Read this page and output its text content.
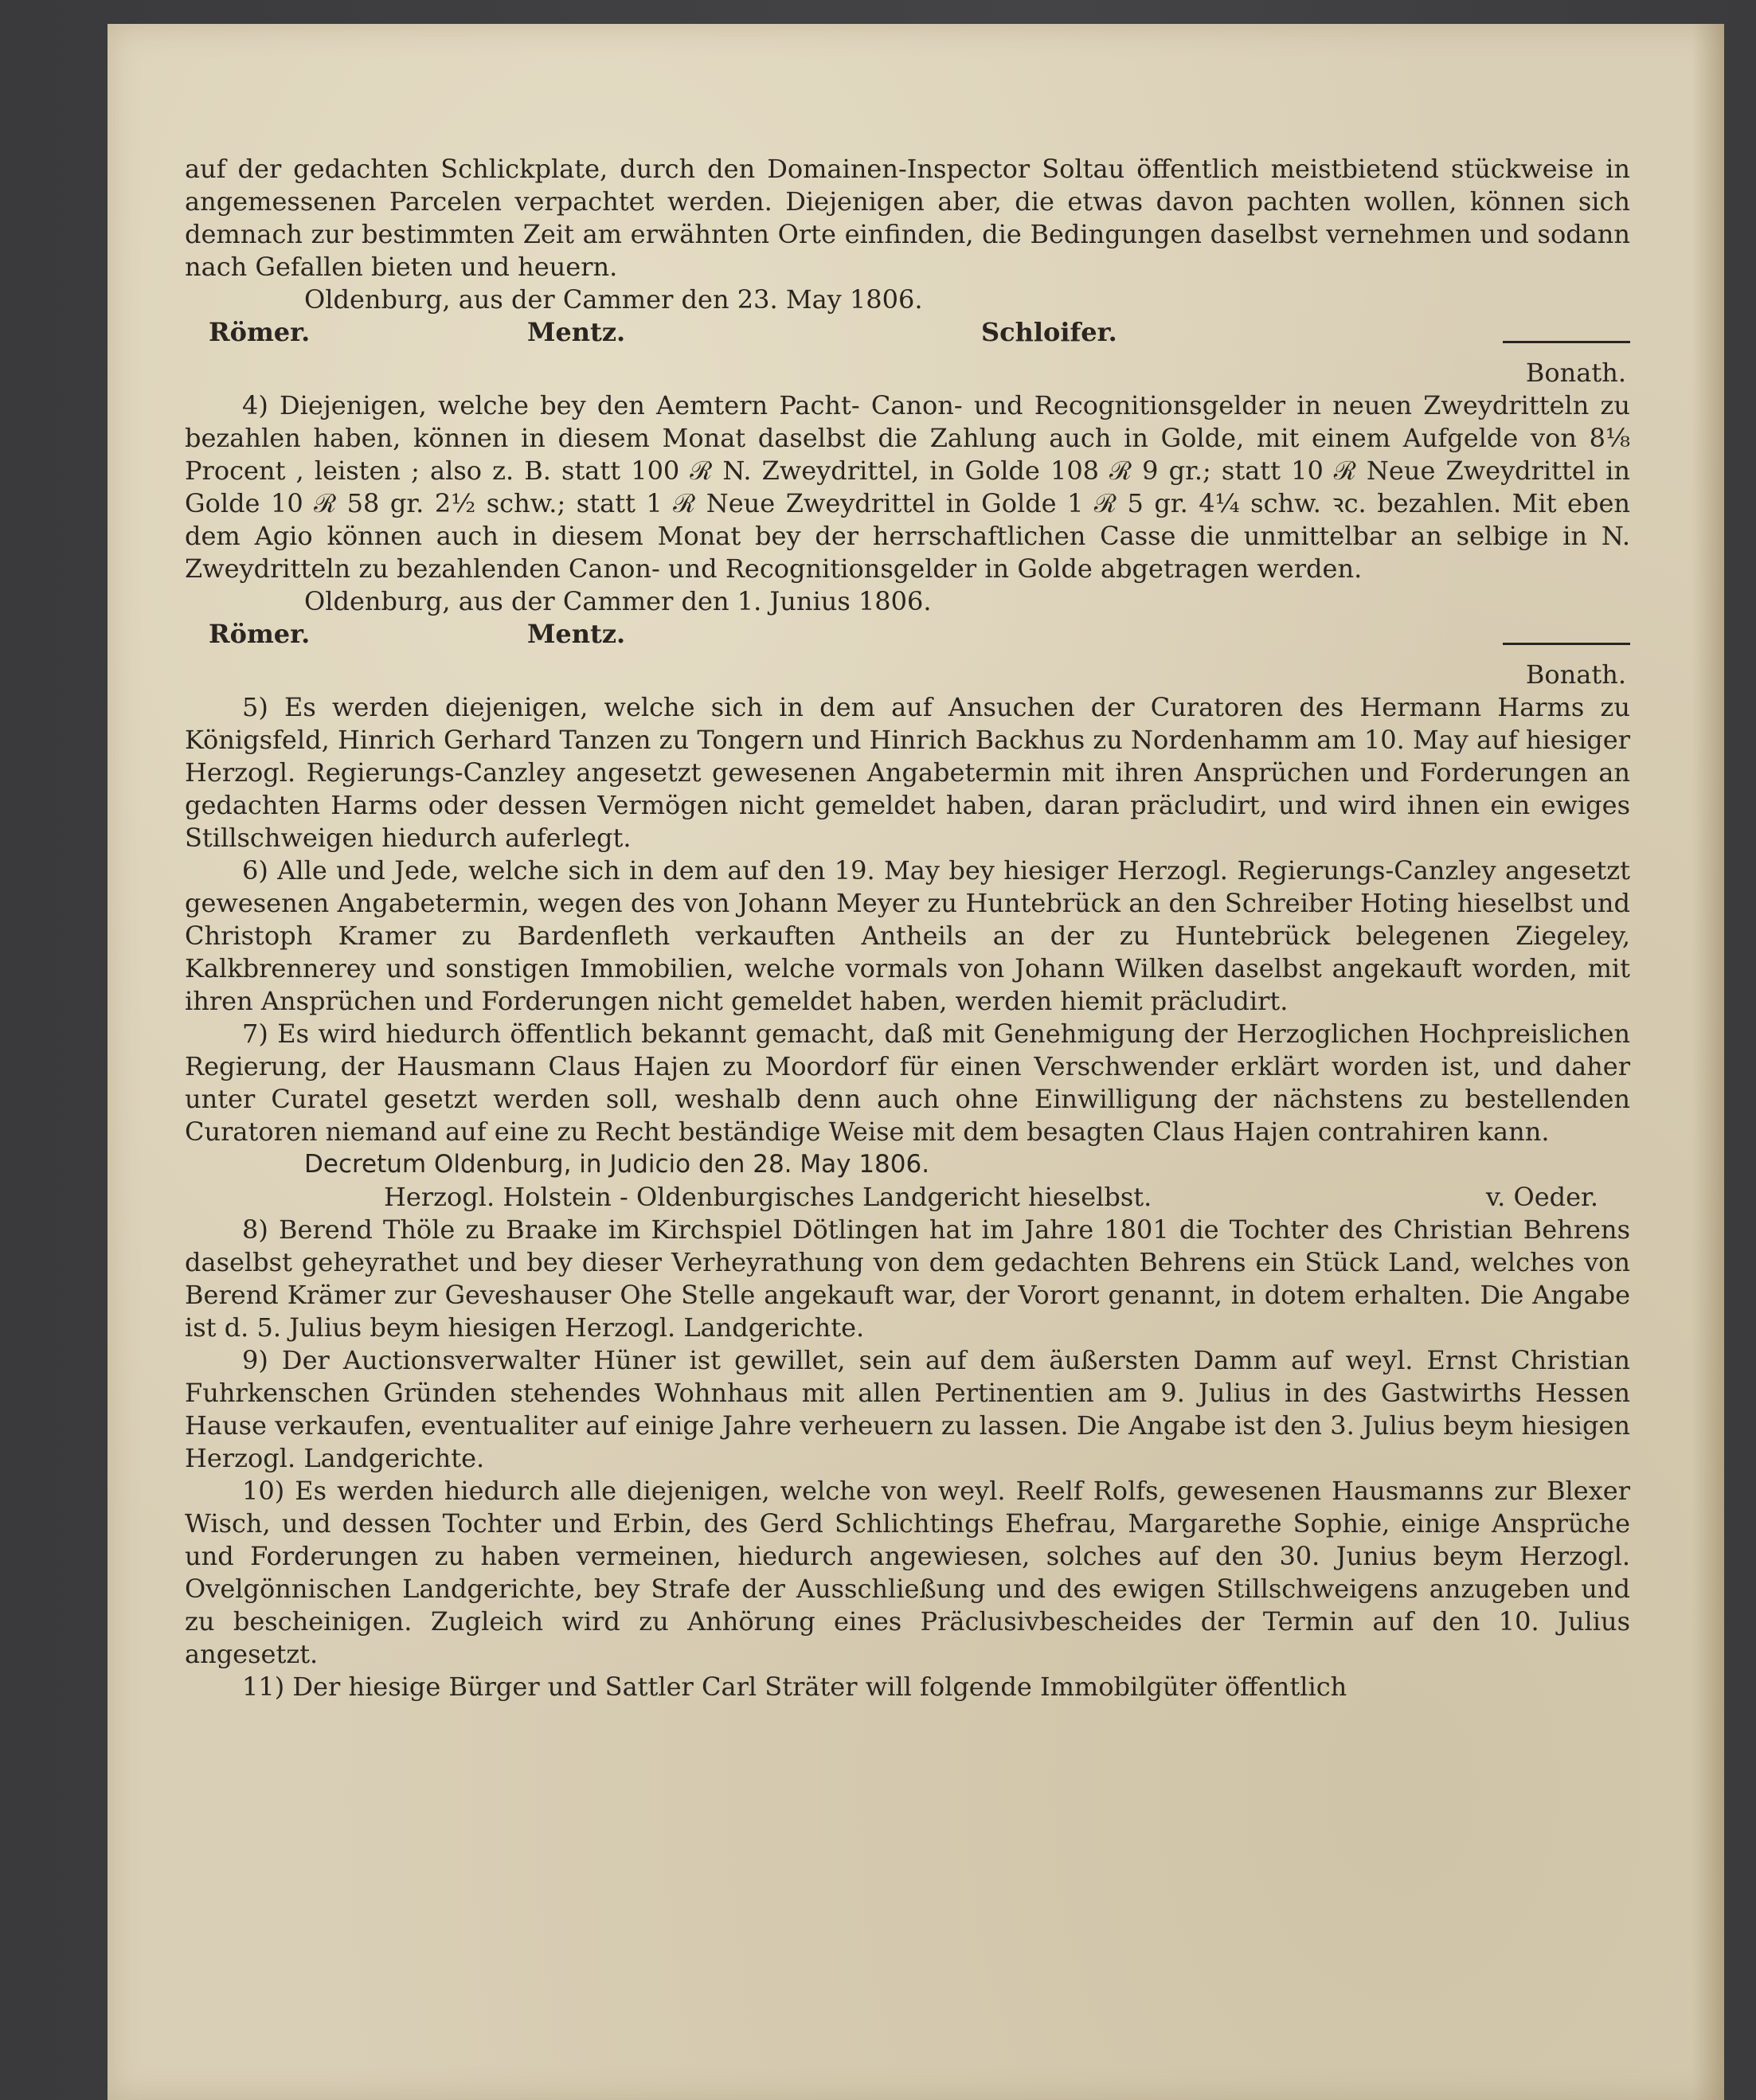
auf der gedachten Schlickplate, durch den Domainen-Inspector Soltau öffentlich meistbietend stückweise in angemessenen Parcelen verpachtet werden. Diejenigen aber, die etwas davon pachten wollen, können sich demnach zur bestimmten Zeit am erwähnten Orte einfinden, die Bedingungen daselbst vernehmen und sodann nach Gefallen bieten und heuern.

Oldenburg, aus der Cammer den 23. May 1806.

Römer.	Mentz.	Schloifer.

Bonath.

4) Diejenigen, welche bey den Aemtern Pacht- Canon- und Recognitionsgelder in neuen Zweydritteln zu bezahlen haben, können in diesem Monat daselbst die Zahlung auch in Golde, mit einem Aufgelde von 8⅛ Procent , leisten ; also z. B. statt 100 ℛ N. Zweydrittel, in Golde 108 ℛ 9 gr.; statt 10 ℛ Neue Zweydrittel in Golde 10 ℛ 58 gr. 2½ schw.; statt 1 ℛ Neue Zweydrittel in Golde 1 ℛ 5 gr. 4¼ schw. ꝛc. bezahlen. Mit eben dem Agio können auch in diesem Monat bey der herrschaftlichen Casse die unmittelbar an selbige in N. Zweydritteln zu bezahlenden Canon- und Recognitionsgelder in Golde abgetragen werden.

Oldenburg, aus der Cammer den 1. Junius 1806.

Römer.	Mentz.

Bonath.

5) Es werden diejenigen, welche sich in dem auf Ansuchen der Curatoren des Hermann Harms zu Königsfeld, Hinrich Gerhard Tanzen zu Tongern und Hinrich Backhus zu Nordenhamm am 10. May auf hiesiger Herzogl. Regierungs-Canzley angesetzt gewesenen Angabetermin mit ihren Ansprüchen und Forderungen an gedachten Harms oder dessen Vermögen nicht gemeldet haben, daran präcludirt, und wird ihnen ein ewiges Stillschweigen hiedurch auferlegt.

6) Alle und Jede, welche sich in dem auf den 19. May bey hiesiger Herzogl. Regierungs-Canzley angesetzt gewesenen Angabetermin, wegen des von Johann Meyer zu Huntebrück an den Schreiber Hoting hieselbst und Christoph Kramer zu Bardenfleth verkauften Antheils an der zu Huntebrück belegenen Ziegeley, Kalkbrennerey und sonstigen Immobilien, welche vormals von Johann Wilken daselbst angekauft worden, mit ihren Ansprüchen und Forderungen nicht gemeldet haben, werden hiemit präcludirt.

7) Es wird hiedurch öffentlich bekannt gemacht, daß mit Genehmigung der Herzoglichen Hochpreislichen Regierung, der Hausmann Claus Hajen zu Moordorf für einen Verschwender erklärt worden ist, und daher unter Curatel gesetzt werden soll, weshalb denn auch ohne Einwilligung der nächstens zu bestellenden Curatoren niemand auf eine zu Recht beständige Weise mit dem besagten Claus Hajen contrahiren kann.

Decretum Oldenburg, in Judicio den 28. May 1806.

Herzogl. Holstein - Oldenburgisches Landgericht hieselbst.	v. Oeder.

8) Berend Thöle zu Braake im Kirchspiel Dötlingen hat im Jahre 1801 die Tochter des Christian Behrens daselbst geheyrathet und bey dieser Verheyrathung von dem gedachten Behrens ein Stück Land, welches von Berend Krämer zur Geveshauser Ohe Stelle angekauft war, der Vorort genannt, in dotem erhalten. Die Angabe ist d. 5. Julius beym hiesigen Herzogl. Landgerichte.

9) Der Auctionsverwalter Hüner ist gewillet, sein auf dem äußersten Damm auf weyl. Ernst Christian Fuhrkenschen Gründen stehendes Wohnhaus mit allen Pertinentien am 9. Julius in des Gastwirths Hessen Hause verkaufen, eventualiter auf einige Jahre verheuern zu lassen. Die Angabe ist den 3. Julius beym hiesigen Herzogl. Landgerichte.

10) Es werden hiedurch alle diejenigen, welche von weyl. Reelf Rolfs, gewesenen Hausmanns zur Blexer Wisch, und dessen Tochter und Erbin, des Gerd Schlichtings Ehefrau, Margarethe Sophie, einige Ansprüche und Forderungen zu haben vermeinen, hiedurch angewiesen, solches auf den 30. Junius beym Herzogl. Ovelgönnischen Landgerichte, bey Strafe der Ausschließung und des ewigen Stillschweigens anzugeben und zu bescheinigen. Zugleich wird zu Anhörung eines Präclusivbescheides der Termin auf den 10. Julius angesetzt.

11) Der hiesige Bürger und Sattler Carl Sträter will folgende Immobilgüter öffentlich
